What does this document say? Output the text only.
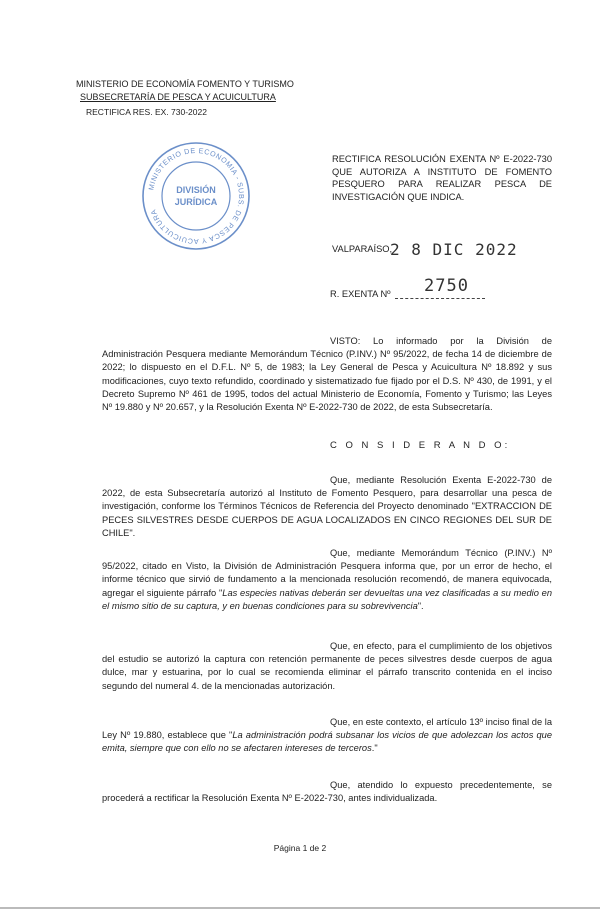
MINISTERIO DE ECONOMÍA FOMENTO Y TURISMO
SUBSECRETARÍA DE PESCA Y ACUICULTURA
RECTIFICA RES. EX. 730-2022
MINISTERIO DE ECONOMIA - SUBS. DE PESCA Y ACUICULTURA
DIVISIÓN
JURÍDICA
RECTIFICA RESOLUCIÓN EXENTA Nº E-2022-730 QUE AUTORIZA A INSTITUTO DE FOMENTO PESQUERO PARA REALIZAR PESCA DE INVESTIGACIÓN QUE INDICA.
VALPARAÍSO,
2 8 DIC 2022
R. EXENTA Nº 2750
VISTO: Lo informado por la División de Administración Pesquera mediante Memorándum Técnico (P.INV.) Nº 95/2022, de fecha 14 de diciembre de 2022; lo dispuesto en el D.F.L. Nº 5, de 1983; la Ley General de Pesca y Acuicultura Nº 18.892 y sus modificaciones, cuyo texto refundido, coordinado y sistematizado fue fijado por el D.S. Nº 430, de 1991, y el Decreto Supremo Nº 461 de 1995, todos del actual Ministerio de Economía, Fomento y Turismo; las Leyes Nº 19.880 y Nº 20.657, y la Resolución Exenta Nº E-2022-730 de 2022, de esta Subsecretaría.
C O N S I D E R A N D O:
Que, mediante Resolución Exenta E-2022-730 de 2022, de esta Subsecretaría autorizó al Instituto de Fomento Pesquero, para desarrollar una pesca de investigación, conforme los Términos Técnicos de Referencia del Proyecto denominado "EXTRACCION DE PECES SILVESTRES DESDE CUERPOS DE AGUA LOCALIZADOS EN CINCO REGIONES DEL SUR DE CHILE".
Que, mediante Memorándum Técnico (P.INV.) Nº 95/2022, citado en Visto, la División de Administración Pesquera informa que, por un error de hecho, el informe técnico que sirvió de fundamento a la mencionada resolución recomendó, de manera equivocada, agregar el siguiente párrafo "Las especies nativas deberán ser devueltas una vez clasificadas a su medio en el mismo sitio de su captura, y en buenas condiciones para su sobrevivencia".
Que, en efecto, para el cumplimiento de los objetivos del estudio se autorizó la captura con retención permanente de peces silvestres desde cuerpos de agua dulce, mar y estuarina, por lo cual se recomienda eliminar el párrafo transcrito contenida en el inciso segundo del numeral 4. de la mencionadas autorización.
Que, en este contexto, el artículo 13º inciso final de la Ley Nº 19.880, establece que "La administración podrá subsanar los vicios de que adolezcan los actos que emita, siempre que con ello no se afectaren intereses de terceros."
Que, atendido lo expuesto precedentemente, se procederá a rectificar la Resolución Exenta Nº E-2022-730, antes individualizada.
Página 1 de 2
